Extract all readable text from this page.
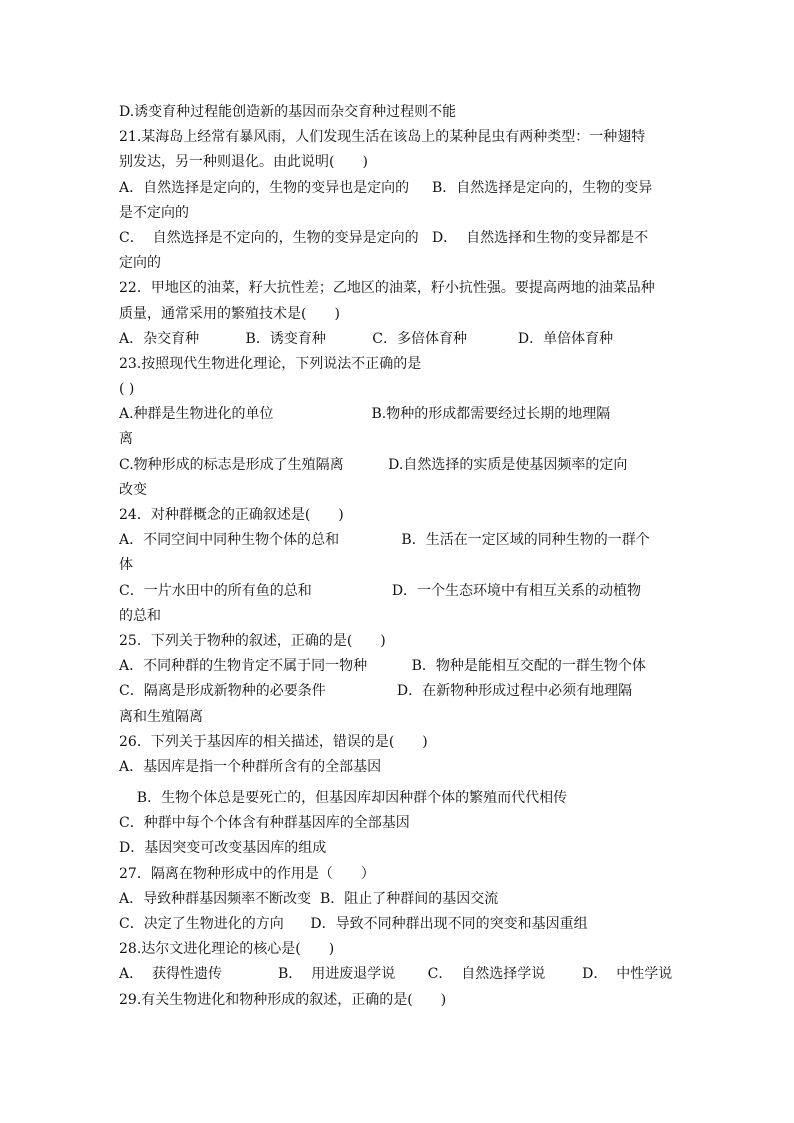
D.诱变育种过程能创造新的基因而杂交育种过程则不能
21.某海岛上经常有暴风雨，人们发现生活在该岛上的某种昆虫有两种类型：一种翅特
别发达，另一种则退化。由此说明(　　)
A．自然选择是定向的，生物的变异也是定向的　  B．自然选择是定向的，生物的变异
是不定向的
C．  自然选择是不定向的，生物的变异是定向的   D．  自然选择和生物的变异都是不
定向的
22．甲地区的油菜，籽大抗性差；乙地区的油菜，籽小抗性强。要提高两地的油菜品种
质量，通常采用的繁殖技术是(　　)
A．杂交育种　　　 B．诱变育种　　　 C．多倍体育种　　　  D．单倍体育种
23.按照现代生物进化理论，下列说法不正确的是
( )
A.种群是生物进化的单位                      B.物种的形成都需要经过长期的地理隔
离
C.物种形成的标志是形成了生殖隔离          D.自然选择的实质是使基因频率的定向
改变
24．对种群概念的正确叙述是(　　)
A．不同空间中同种生物个体的总和              B．生活在一定区域的同种生物的一群个
体
C．一片水田中的所有鱼的总和                  D．一个生态环境中有相互关系的动植物
的总和
25．下列关于物种的叙述，正确的是(　　)
A．不同种群的生物肯定不属于同一物种          B．物种是能相互交配的一群生物个体
C．隔离是形成新物种的必要条件                D．在新物种形成过程中必须有地理隔
离和生殖隔离
26．下列关于基因库的相关描述，错误的是(　　)
A．基因库是指一个种群所含有的全部基因
B．生物个体总是要死亡的，但基因库却因种群个体的繁殖而代代相传
C．种群中每个个体含有种群基因库的全部基因
D．基因突变可改变基因库的组成
27．隔离在物种形成中的作用是（　　）
A．导致种群基因频率不断改变  B．阻止了种群间的基因交流
C．决定了生物进化的方向      D．导致不同种群出现不同的突变和基因重组
28.达尔文进化理论的核心是(　　)
A．  获得性遗传　　　　B．  用进废退学说　　 C．  自然选择学说　　  D．  中性学说
29.有关生物进化和物种形成的叙述，正确的是(　　)
